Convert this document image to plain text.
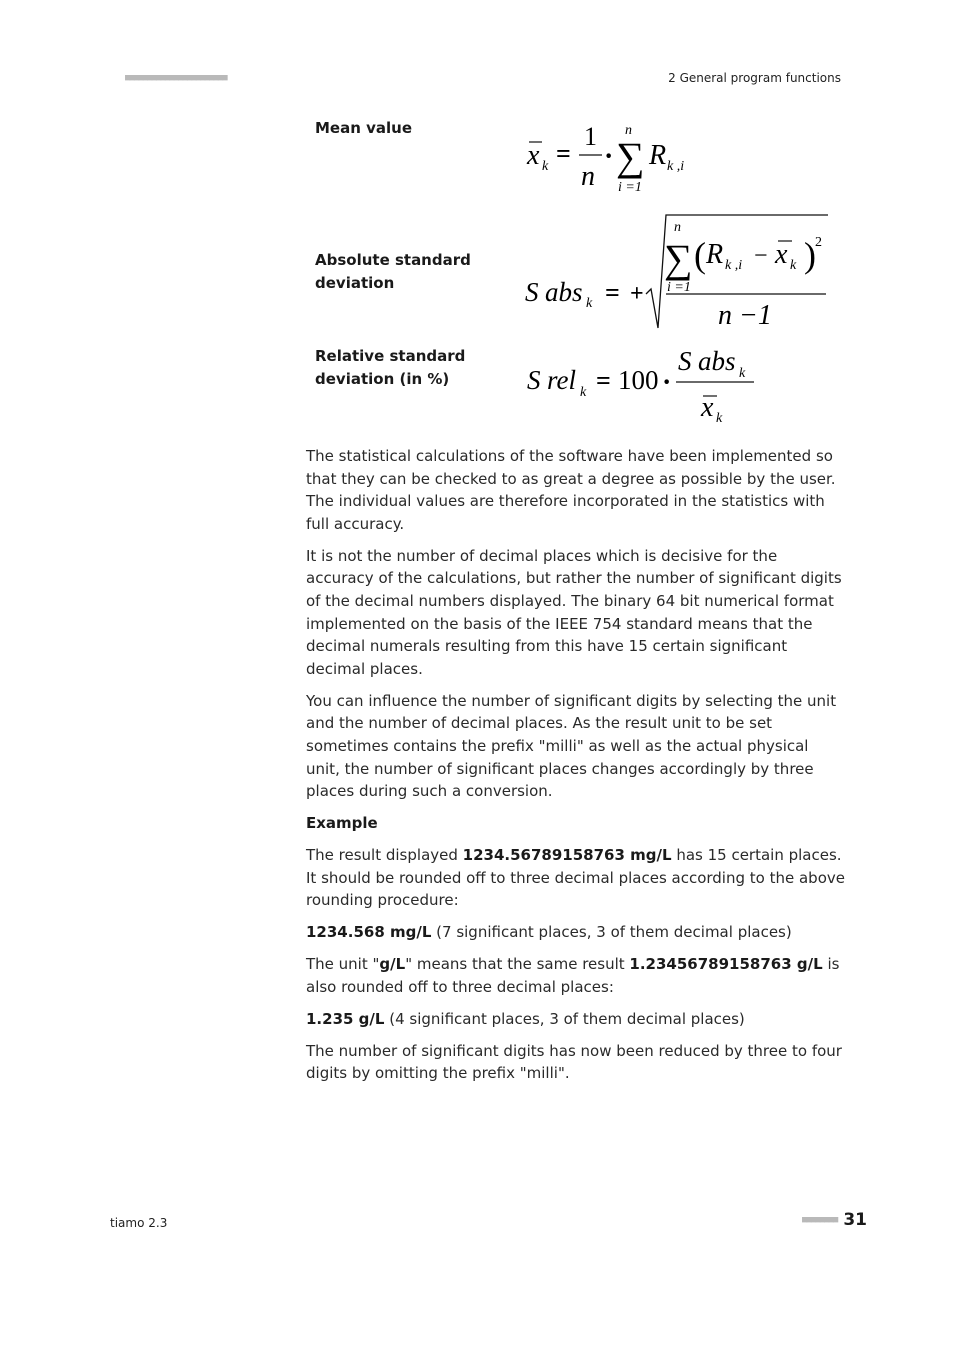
■■■■■■■■■■■■■■■■■■■■■■■	2 General program functions
Mean value
Absolute standard deviation
Relative standard deviation (in %)
x k =
1
n
·
n
∑
i =1
R k ,i
S abs k = +
n
∑
i =1
( R k ,i − x k ) 2
n −1
S rel k = 100 ·
S abs k
x k

The statistical calculations of the software have been implemented so that they can be checked to as great a degree as possible by the user. The individual values are therefore incorporated in the statistics with full accuracy.

It is not the number of decimal places which is decisive for the accuracy of the calculations, but rather the number of significant digits of the decimal numbers displayed. The binary 64 bit numerical format implemented on the basis of the IEEE 754 standard means that the decimal numerals resulting from this have 15 certain significant decimal places.

You can influence the number of significant digits by selecting the unit and the number of decimal places. As the result unit to be set sometimes contains the prefix "milli" as well as the actual physical unit, the number of significant places changes accordingly by three places during such a conversion.

Example

The result displayed 1234.56789158763 mg/L has 15 certain places. It should be rounded off to three decimal places according to the above rounding procedure:

1234.568 mg/L (7 significant places, 3 of them decimal places)

The unit "g/L" means that the same result 1.23456789158763 g/L is also rounded off to three decimal places:

1.235 g/L (4 significant places, 3 of them decimal places)

The number of significant digits has now been reduced by three to four digits by omitting the prefix "milli".

tiamo 2.3	■■■■■■■■ 31
